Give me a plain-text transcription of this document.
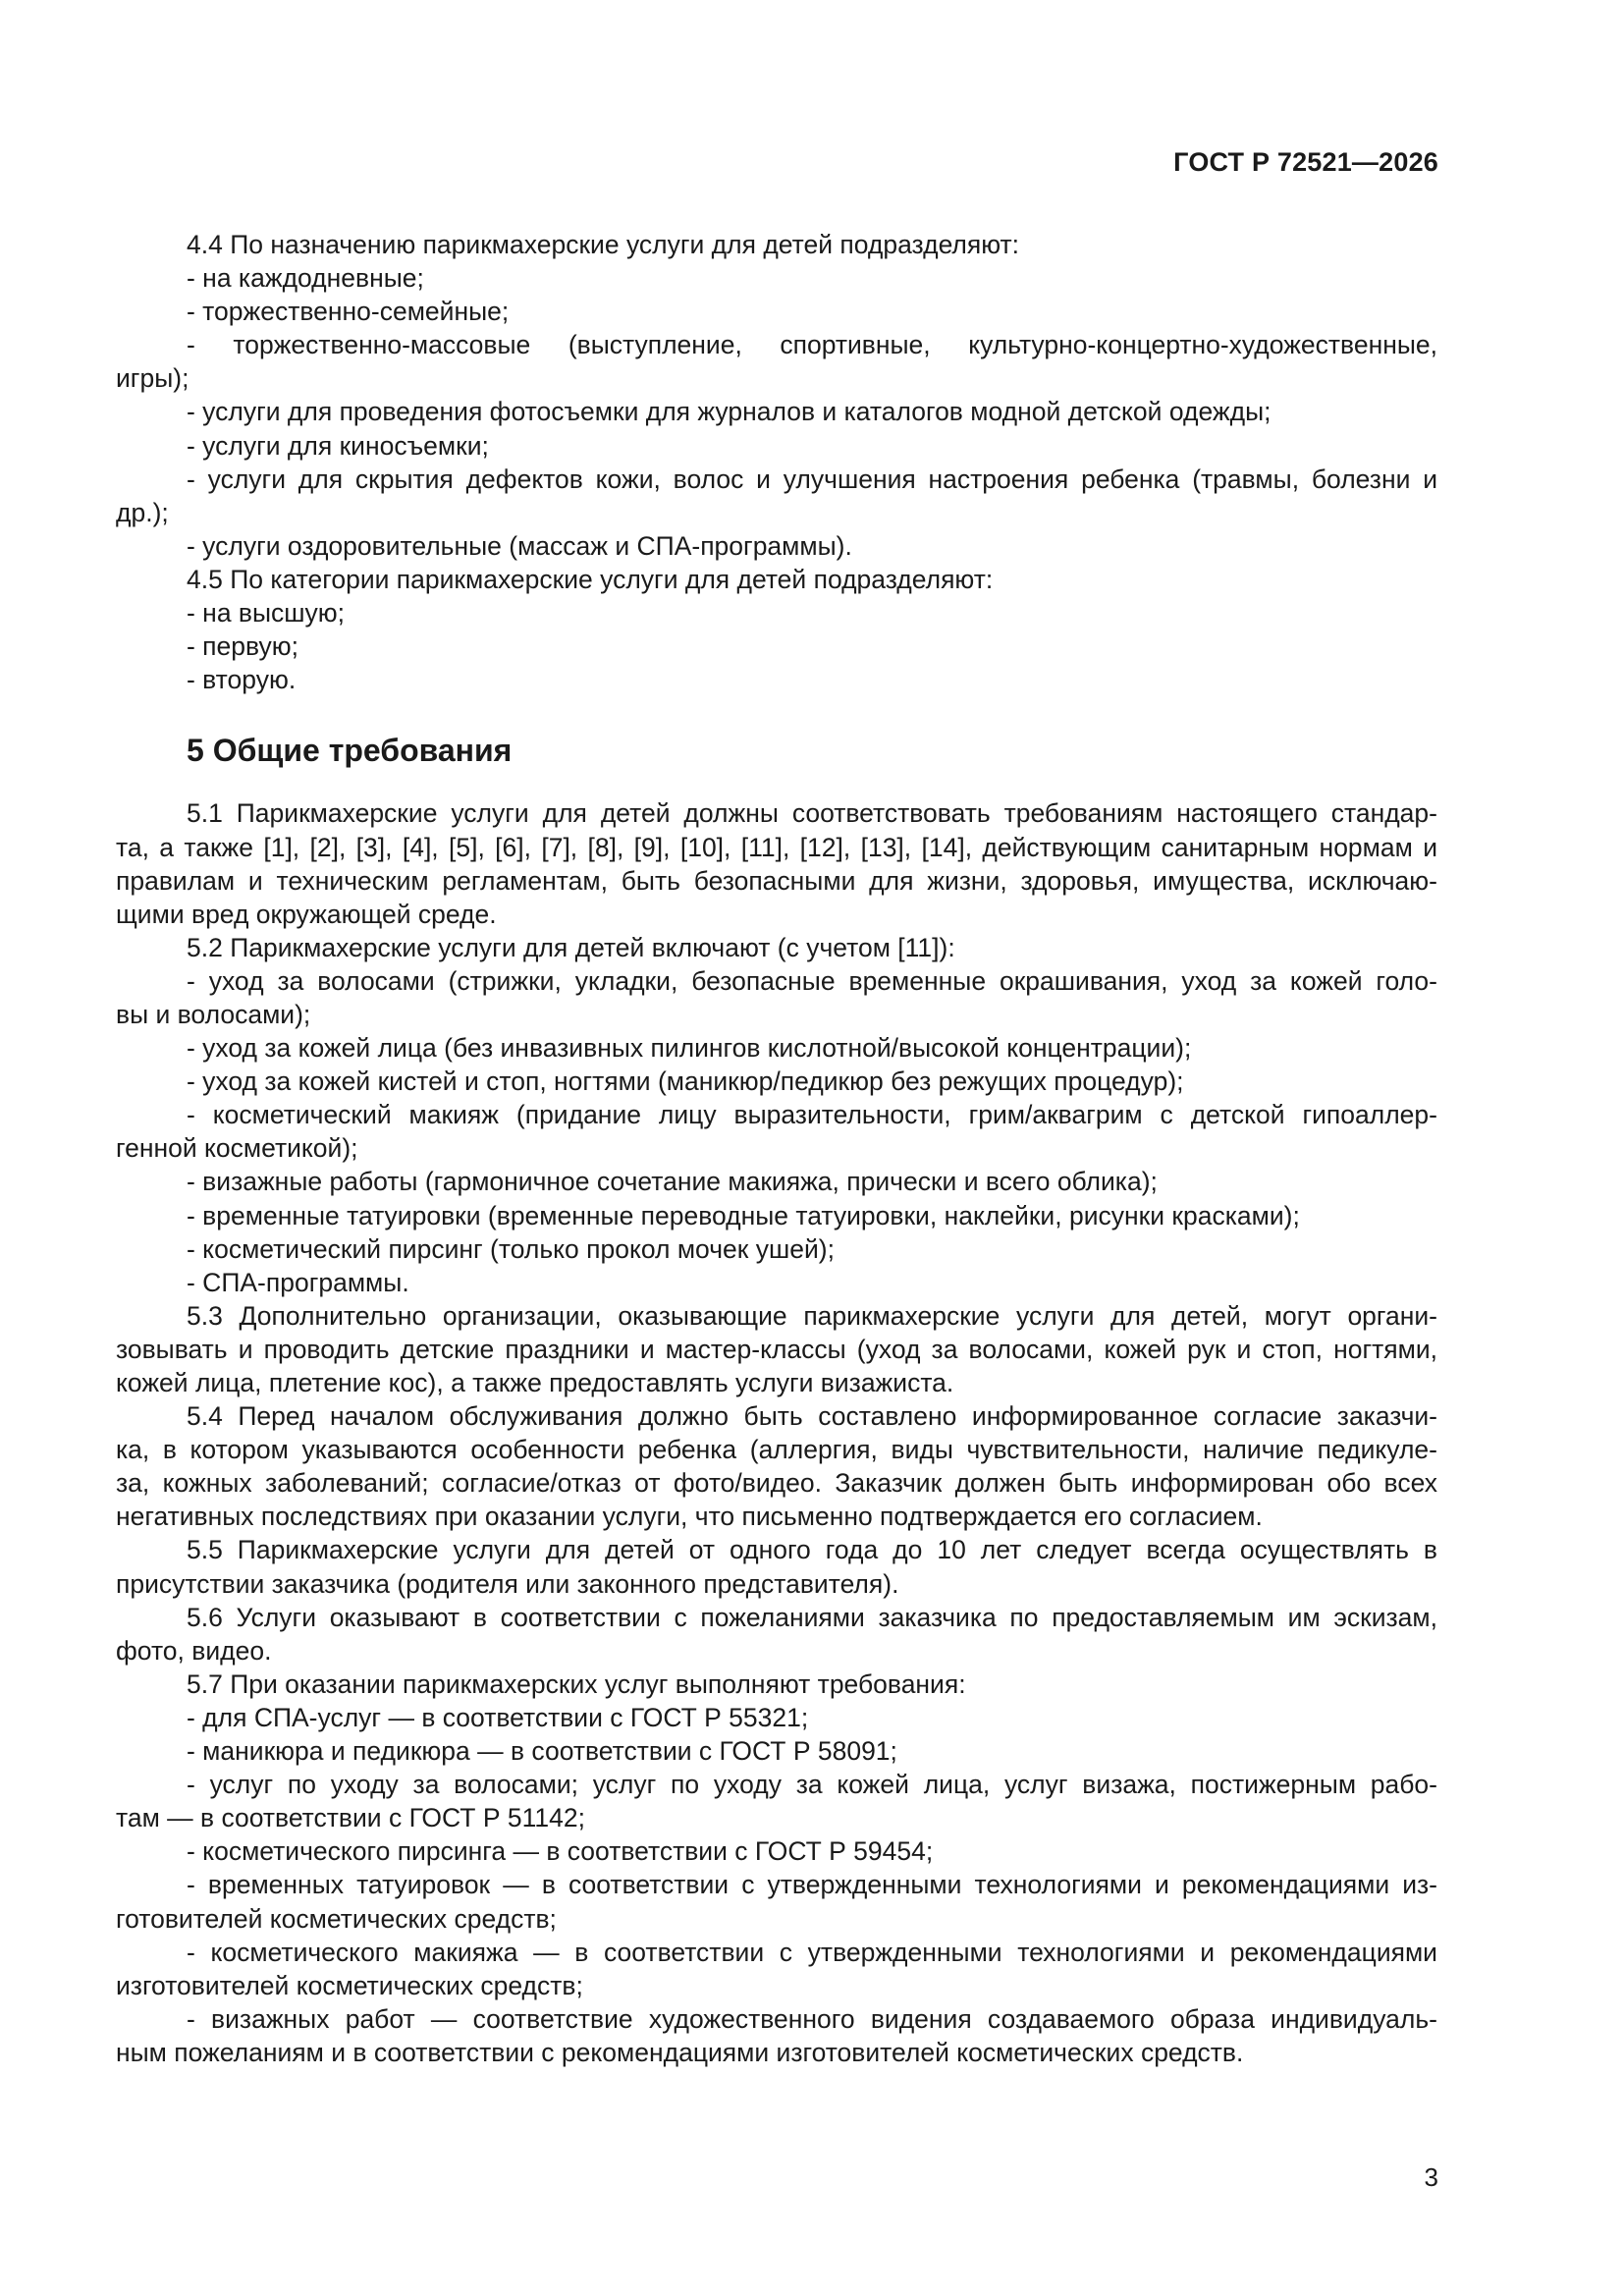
ГОСТ Р 72521—2026
4.4 По назначению парикмахерские услуги для детей подразделяют:
- на каждодневные;
- торжественно-семейные;
- торжественно-массовые (выступление, спортивные, культурно-концертно-художественные,
игры);
- услуги для проведения фотосъемки для журналов и каталогов модной детской одежды;
- услуги для киносъемки;
- услуги для скрытия дефектов кожи, волос и улучшения настроения ребенка (травмы, болезни и
др.);
- услуги оздоровительные (массаж и СПА-программы).
4.5 По категории парикмахерские услуги для детей подразделяют:
- на высшую;
- первую;
- вторую.
5 Общие требования
5.1 Парикмахерские услуги для детей должны соответствовать требованиям настоящего стандар-
та, а также [1], [2], [3], [4], [5], [6], [7], [8], [9], [10], [11], [12], [13], [14], действующим санитарным нормам и
правилам и техническим регламентам, быть безопасными для жизни, здоровья, имущества, исключаю-
щими вред окружающей среде.
5.2 Парикмахерские услуги для детей включают (с учетом [11]):
- уход за волосами (стрижки, укладки, безопасные временные окрашивания, уход за кожей голо-
вы и волосами);
- уход за кожей лица (без инвазивных пилингов кислотной/высокой концентрации);
- уход за кожей кистей и стоп, ногтями (маникюр/педикюр без режущих процедур);
- косметический макияж (придание лицу выразительности, грим/аквагрим с детской гипоаллер-
генной косметикой);
- визажные работы (гармоничное сочетание макияжа, прически и всего облика);
- временные татуировки (временные переводные татуировки, наклейки, рисунки красками);
- косметический пирсинг (только прокол мочек ушей);
- СПА-программы.
5.3 Дополнительно организации, оказывающие парикмахерские услуги для детей, могут органи-
зовывать и проводить детские праздники и мастер-классы (уход за волосами, кожей рук и стоп, ногтями,
кожей лица, плетение кос), а также предоставлять услуги визажиста.
5.4 Перед началом обслуживания должно быть составлено информированное согласие заказчи-
ка, в котором указываются особенности ребенка (аллергия, виды чувствительности, наличие педикуле-
за, кожных заболеваний; согласие/отказ от фото/видео. Заказчик должен быть информирован обо всех
негативных последствиях при оказании услуги, что письменно подтверждается его согласием.
5.5 Парикмахерские услуги для детей от одного года до 10 лет следует всегда осуществлять в
присутствии заказчика (родителя или законного представителя).
5.6 Услуги оказывают в соответствии с пожеланиями заказчика по предоставляемым им эскизам,
фото, видео.
5.7 При оказании парикмахерских услуг выполняют требования:
- для СПА-услуг — в соответствии с ГОСТ Р 55321;
- маникюра и педикюра — в соответствии с ГОСТ Р 58091;
- услуг по уходу за волосами; услуг по уходу за кожей лица, услуг визажа, постижерным рабо-
там — в соответствии с ГОСТ Р 51142;
- косметического пирсинга — в соответствии с ГОСТ Р 59454;
- временных татуировок — в соответствии с утвержденными технологиями и рекомендациями из-
готовителей косметических средств;
- косметического макияжа — в соответствии с утвержденными технологиями и рекомендациями
изготовителей косметических средств;
- визажных работ — соответствие художественного видения создаваемого образа индивидуаль-
ным пожеланиям и в соответствии с рекомендациями изготовителей косметических средств.
3
